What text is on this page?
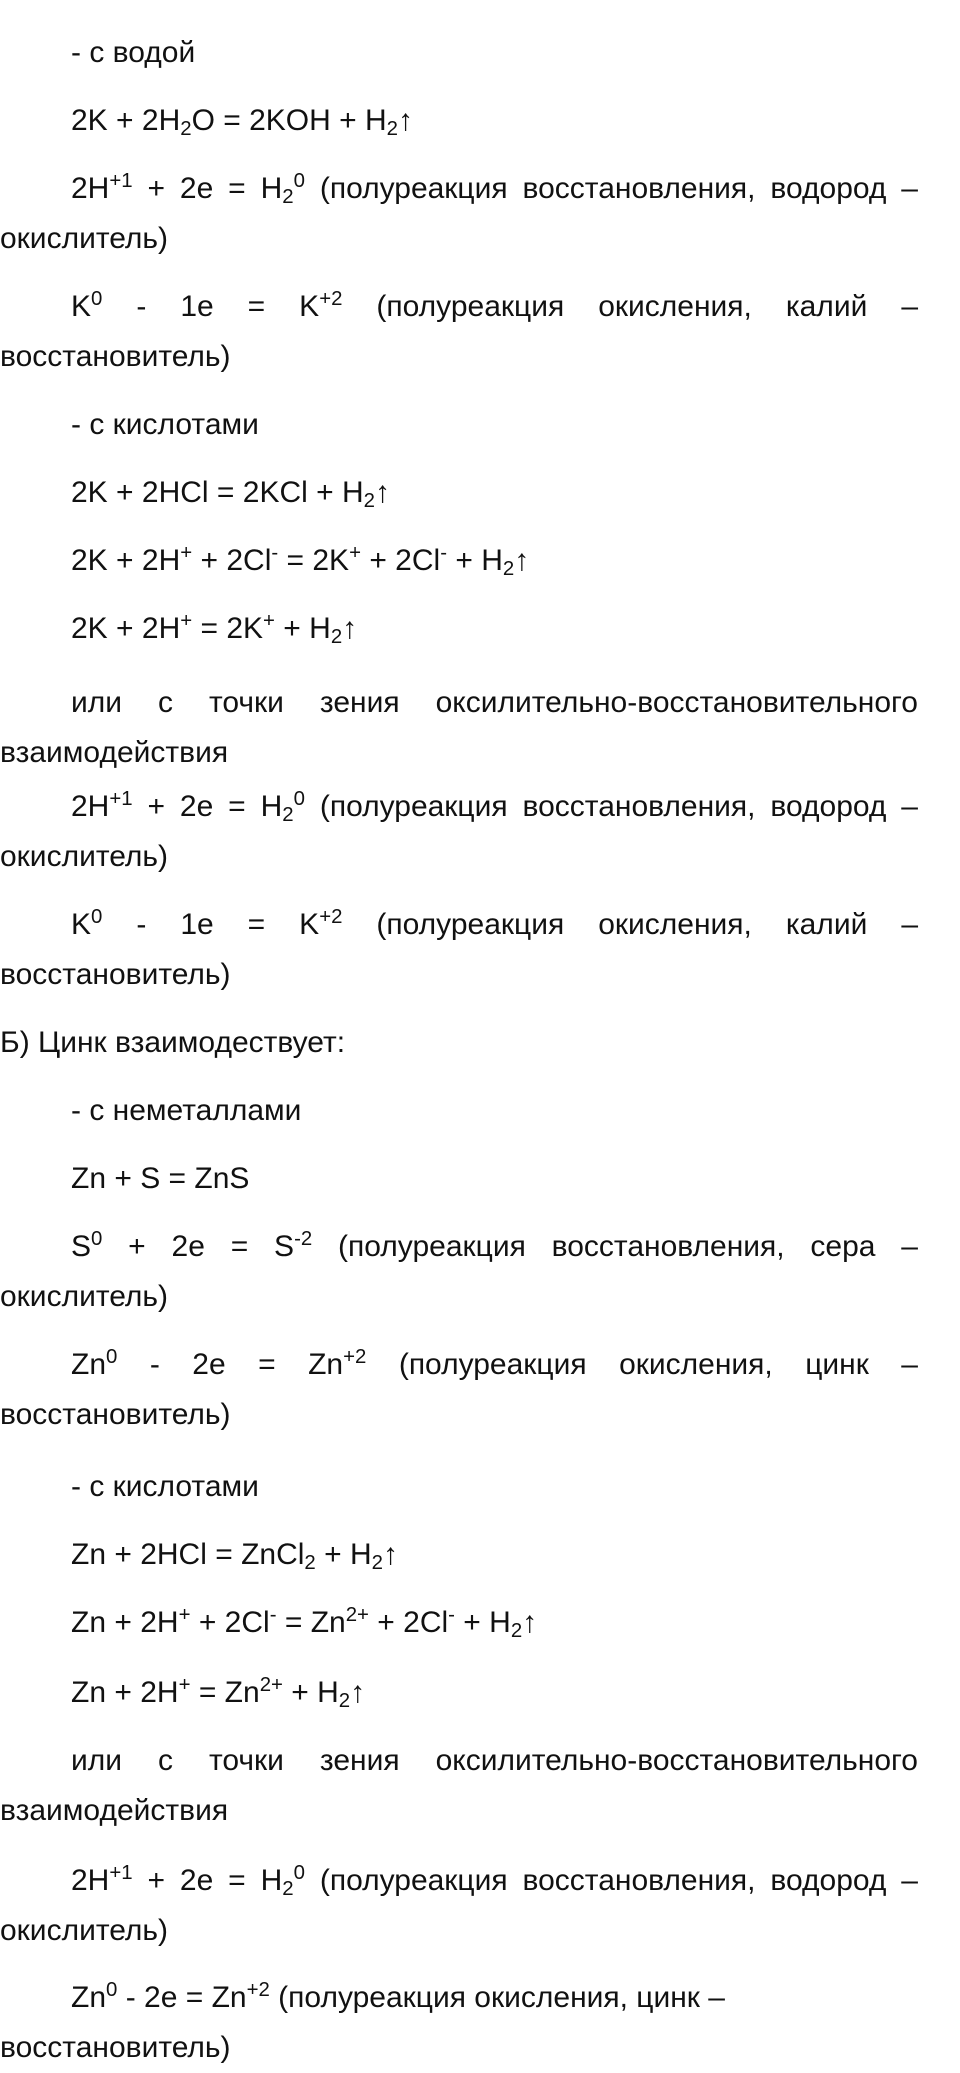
- с водой
$2K + 2H_2O = 2KOH$ + $H_2↑$
$2H^{+1} + 2e = H_2^0$ (полуреакция восстановления, водород – окислитель)
$K^0 - 1e = K^{+2}$ (полуреакция окисления, калий – восстановитель)
- с кислотами
$2K + 2HCl = 2KCl + H_2↑$
$2K + 2H^+ + 2Cl^- = 2K^+ + 2Cl^- + H_2↑$
$2K + 2H^+ = 2K^+ + H_2↑$
или с точки зения оксилительно-восстановительного взаимодействия
$2H^{+1} + 2e = H_2^0$ (полуреакция восстановления, водород – окислитель)
$K^0 - 1e = K^{+2}$ (полуреакция окисления, калий – восстановитель)
Б) Цинк взаимодествует:
- с неметаллами
Zn + S = ZnS
$S^0 + 2e = S^{-2}$ (полуреакция восстановления, сера – окислитель)
$Zn^0 - 2e = Zn^{+2}$ (полуреакция окисления, цинк – восстановитель)
- с кислотами
Zn + 2HCl = ZnCl$_2$ + $H_2↑$
$Zn + 2H^+ + 2Cl^- = Zn^{2+} + 2Cl^-$ + $H_2↑$
$Zn + 2H^+ = Zn^{2+}$ + $H_2↑$
или с точки зения оксилительно-восстановительного взаимодействия
$2H^{+1} + 2e = H_2^0$ (полуреакция восстановления, водород – окислитель)
$Zn^0 - 2e = Zn^{+2}$ (полуреакция окисления, цинк – восстановитель)
